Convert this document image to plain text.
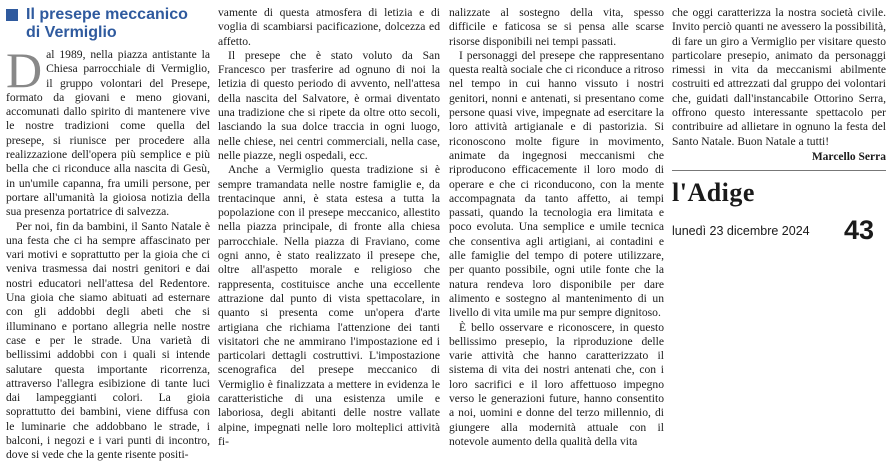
Il presepe meccanico
di Vermiglio
D al 1989, nella piazza antistante la Chiesa parrocchiale di Vermiglio, il gruppo volontari del Presepe, formato da giovani e meno giovani, accomunati dallo spirito di mantenere vive le nostre tradizioni come quella del presepe, si riunisce per procedere alla realizzazione dell'opera più semplice e più bella che ci riconduce alla nascita di Gesù, in un'umile capanna, fra umili persone, per portare all'umanità la gioiosa notizia della sua presenza portatrice di salvezza.

Per noi, fin da bambini, il Santo Natale è una festa che ci ha sempre affascinato per vari motivi e soprattutto per la gioia che ci veniva trasmessa dai nostri genitori e dai nostri educatori nell'attesa del Redentore. Una gioia che siamo abituati ad esternare con gli addobbi degli abeti che si illuminano e portano allegria nelle nostre case e per le strade. Una varietà di bellissimi addobbi con i quali si intende salutare questa importante ricorrenza, attraverso l'allegra esibizione di tante luci dai lampeggianti colori. La gioia soprattutto dei bambini, viene diffusa con le luminarie che addobbano le strade, i balconi, i negozi e i vari punti di incontro, dove si vede che la gente risente positi-

vamente di questa atmosfera di letizia e di voglia di scambiarsi pacificazione, dolcezza ed affetto.

Il presepe che è stato voluto da San Francesco per trasferire ad ognuno di noi la letizia di questo periodo di avvento, nell'attesa della nascita del Salvatore, è ormai diventato una tradizione che si ripete da oltre otto secoli, lasciando la sua dolce traccia in ogni luogo, nelle chiese, nei centri commerciali, nella case, nelle piazze, negli ospedali, ecc.

Anche a Vermiglio questa tradizione si è sempre tramandata nelle nostre famiglie e, da trentacinque anni, è stata estesa a tutta la popolazione con il presepe meccanico, allestito nella piazza principale, di fronte alla chiesa parrocchiale. Nella piazza di Fraviano, come ogni anno, è stato realizzato il presepe che, oltre all'aspetto morale e religioso che rappresenta, costituisce anche una eccellente attrazione dal punto di vista spettacolare, in quanto si presenta come un'opera d'arte artigiana che richiama l'attenzione dei tanti visitatori che ne ammirano l'impostazione ed i particolari dettagli costruttivi. L'impostazione scenografica del presepe meccanico di Vermiglio è finalizzata a mettere in evidenza le caratteristiche di una esistenza umile e laboriosa, degli abitanti delle nostre vallate alpine, impegnati nelle loro molteplici attività fi-

nalizzate al sostegno della vita, spesso difficile e faticosa se si pensa alle scarse risorse disponibili nei tempi passati.

I personaggi del presepe che rappresentano questa realtà sociale che ci riconduce a ritroso nel tempo in cui hanno vissuto i nostri genitori, nonni e antenati, si presentano come persone quasi vive, impegnate ad esercitare la loro attività artigianale e di pastorizia. Si riconoscono molte figure in movimento, animate da ingegnosi meccanismi che riproducono efficacemente il loro modo di operare e che ci riconducono, con la mente accompagnata da tanto affetto, ai tempi passati, quando la tecnologia era limitata e poco evoluta. Una semplice e umile tecnica che consentiva agli artigiani, ai contadini e alle famiglie del tempo di potere utilizzare, per quanto possibile, ogni utile fonte che la natura rendeva loro disponibile per dare alimento e sostegno al mantenimento di un livello di vita umile ma pur sempre dignitoso.

È bello osservare e riconoscere, in questo bellissimo presepio, la riproduzione delle varie attività che hanno caratterizzato il sistema di vita dei nostri antenati che, con i loro sacrifici e il loro affettuoso impegno verso le generazioni future, hanno consentito a noi, uomini e donne del terzo millennio, di giungere alla modernità attuale con il notevole aumento della qualità della vita

che oggi caratterizza la nostra società civile. Invito perciò quanti ne avessero la possibilità, di fare un giro a Vermiglio per visitare questo particolare presepio, animato da personaggi rimessi in vita da meccanismi abilmente costruiti ed attrezzati dal gruppo dei volontari che, guidati dall'instancabile Ottorino Serra, offrono questo interessante spettacolo per contribuire ad allietare in ognuno la festa del Santo Natale. Buon Natale a tutti!

Marcello Serra
l'Adige
lunedì 23 dicembre 2024 43
